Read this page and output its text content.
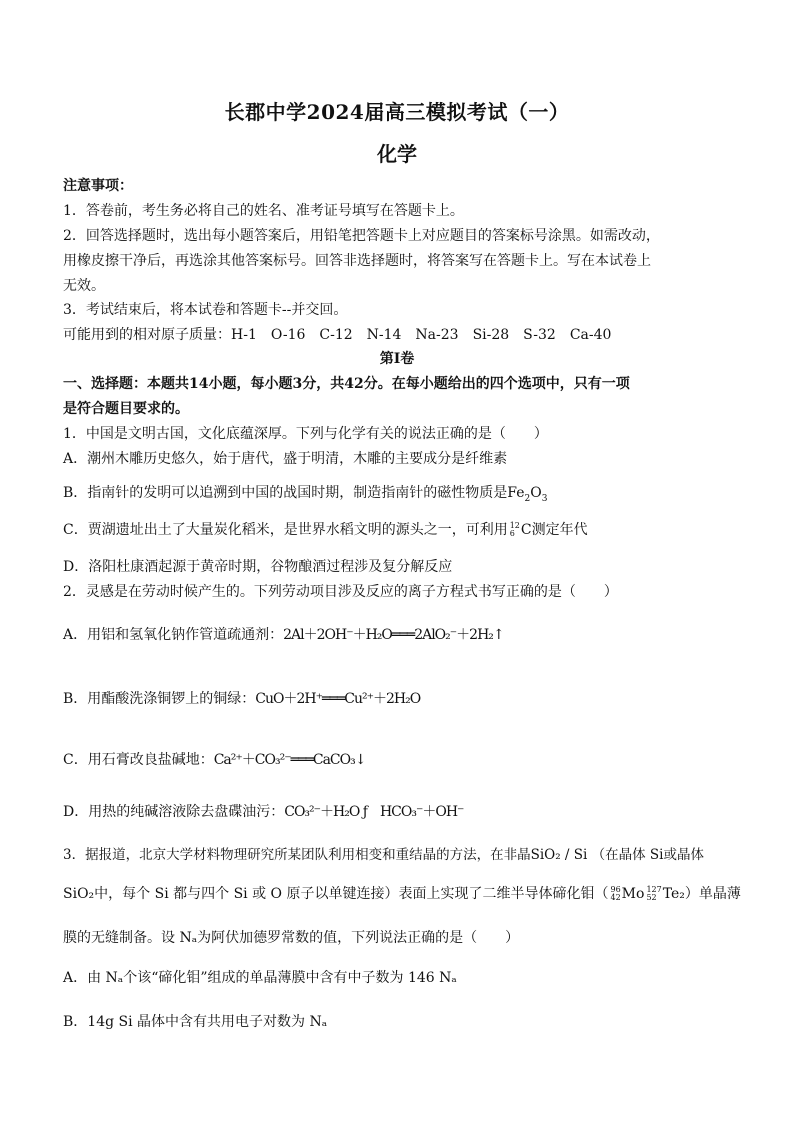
长郡中学2024届高三模拟考试（一）
化学
注意事项：
1．答卷前，考生务必将自己的姓名、准考证号填写在答题卡上。
2．回答选择题时，选出每小题答案后，用铅笔把答题卡上对应题目的答案标号涂黑。如需改动，
用橡皮擦干净后，再选涂其他答案标号。回答非选择题时，将答案写在答题卡上。写在本试卷上
无效。
3．考试结束后，将本试卷和答题卡--并交回。
可能用到的相对原子质量：H-1　O-16　C-12　N-14　Na-23　Si-28　S-32　Ca-40
第Ⅰ卷
一、选择题：本题共14小题，每小题3分，共42分。在每小题给出的四个选项中，只有一项
是符合题目要求的。
1．中国是文明古国，文化底蕴深厚。下列与化学有关的说法正确的是（　　）
A．潮州木雕历史悠久，始于唐代，盛于明清，木雕的主要成分是纤维素
B．指南针的发明可以追溯到中国的战国时期，制造指南针的磁性物质是$Fe_2O_3$
C．贾湖遗址出土了大量炭化稻米，是世界水稻文明的源头之一，可利用 12
6 C测定年代
D．洛阳杜康酒起源于黄帝时期，谷物酿酒过程涉及复分解反应
2．灵感是在劳动时候产生的。下列劳动项目涉及反应的离子方程式书写正确的是（　　）
A．用铝和氢氧化钠作管道疏通剂：2Al＋2OH⁻＋H₂O═══2AlO₂⁻＋2H₂↑
B．用酯酸洗涤铜锣上的铜绿：CuO＋2H⁺═══Cu²⁺＋2H₂O
C．用石膏改良盐碱地：Ca²⁺＋CO₃²⁻═══CaCO₃↓
D．用热的纯碱溶液除去盘碟油污：CO₃²⁻＋H₂O ƒ　HCO₃⁻＋OH⁻
3．据报道，北京大学材料物理研究所某团队利用相变和重结晶的方法，在非晶SiO₂ / Si （在晶体 Si或晶体
SiO₂中，每个 Si 都与四个 Si 或 O 原子以单键连接）表面上实现了二维半导体碲化钼（ 96
42 Mo 127
52 Te₂）单晶薄
膜的无缝制备。设 Nₐ为阿伏加德罗常数的值，下列说法正确的是（　　）
A．由 Nₐ个该“碲化钼”组成的单晶薄膜中含有中子数为 146 Nₐ
B．14g Si 晶体中含有共用电子对数为 Nₐ
